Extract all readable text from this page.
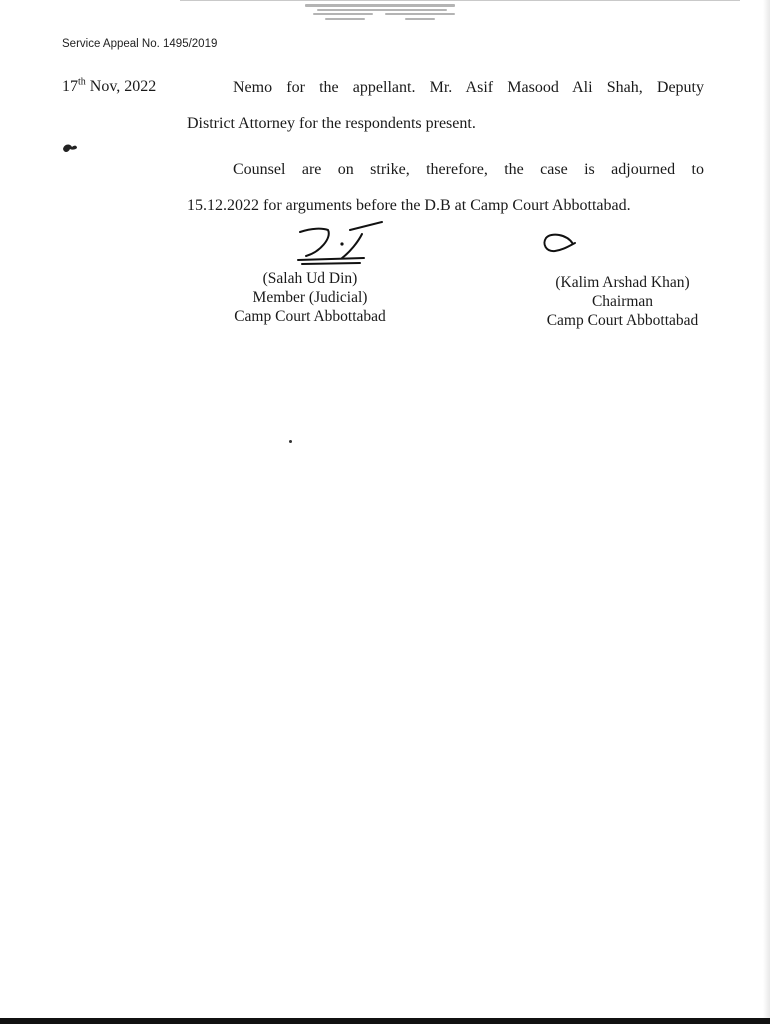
Service Appeal No. 1495/2019
17th Nov, 2022	Nemo for the appellant. Mr. Asif Masood Ali Shah, Deputy
District Attorney for the respondents present.
Counsel are on strike, therefore, the case is adjourned to
15.12.2022 for arguments before the D.B at Camp Court Abbottabad.
(Salah Ud Din)
Member (Judicial)
Camp Court Abbottabad
(Kalim Arshad Khan)
Chairman
Camp Court Abbottabad
